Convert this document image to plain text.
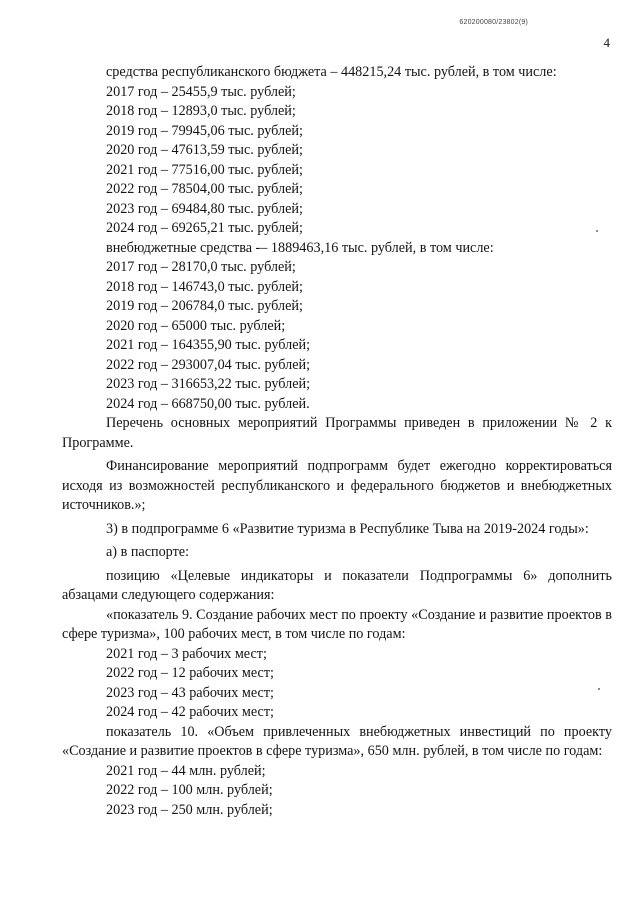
620200080/23802(9)
4
средства республиканского бюджета – 448215,24 тыс. рублей, в том числе:
2017 год – 25455,9 тыс. рублей;
2018 год – 12893,0 тыс. рублей;
2019 год – 79945,06 тыс. рублей;
2020 год – 47613,59 тыс. рублей;
2021 год – 77516,00 тыс. рублей;
2022 год – 78504,00 тыс. рублей;
2023 год – 69484,80 тыс. рублей;
2024 год – 69265,21 тыс. рублей;
внебюджетные средства -– 1889463,16 тыс. рублей, в том числе:
2017 год – 28170,0 тыс. рублей;
2018 год – 146743,0 тыс. рублей;
2019 год – 206784,0 тыс. рублей;
2020 год – 65000 тыс. рублей;
2021 год – 164355,90 тыс. рублей;
2022 год – 293007,04 тыс. рублей;
2023 год – 316653,22 тыс. рублей;
2024 год – 668750,00 тыс. рублей.

Перечень основных мероприятий Программы приведен в приложении № 2 к Программе.

Финансирование мероприятий подпрограмм будет ежегодно корректироваться исходя из возможностей республиканского и федерального бюджетов и внебюджетных источников.»;

3) в подпрограмме 6 «Развитие туризма в Республике Тыва на 2019-2024 годы»:

а) в паспорте:

позицию «Целевые индикаторы и показатели Подпрограммы 6» дополнить абзацами следующего содержания:

«показатель 9. Создание рабочих мест по проекту «Создание и развитие проектов в сфере туризма», 100 рабочих мест, в том числе по годам:

2021 год – 3 рабочих мест;
2022 год – 12 рабочих мест;
2023 год – 43 рабочих мест;
2024 год – 42 рабочих мест;

показатель 10. «Объем привлеченных внебюджетных инвестиций по проекту «Создание и развитие проектов в сфере туризма», 650 млн. рублей, в том числе по годам:

2021 год – 44 млн. рублей;
2022 год – 100 млн. рублей;
2023 год – 250 млн. рублей;
